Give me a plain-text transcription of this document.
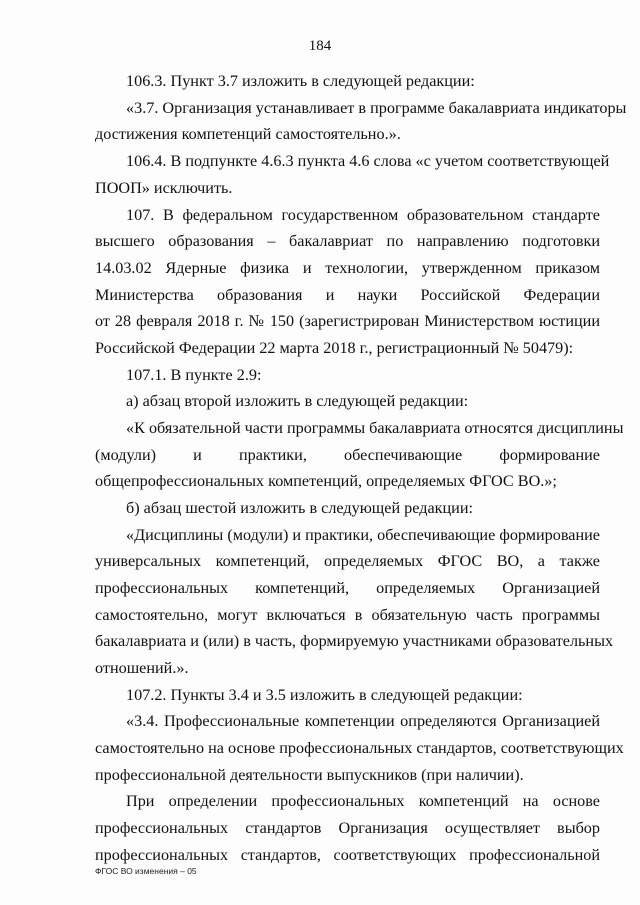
184
106.3. Пункт 3.7 изложить в следующей редакции:
«3.7. Организация устанавливает в программе бакалавриата индикаторы
достижения компетенций самостоятельно.».
106.4. В подпункте 4.6.3 пункта 4.6 слова «с учетом соответствующей
ПООП» исключить.
107. В федеральном государственном образовательном стандарте
высшего образования – бакалавриат по направлению подготовки
14.03.02 Ядерные физика и технологии, утвержденном приказом
Министерства образования и науки Российской Федерации
от 28 февраля 2018 г. № 150 (зарегистрирован Министерством юстиции
Российской Федерации 22 марта 2018 г., регистрационный № 50479):
107.1. В пункте 2.9:
а) абзац второй изложить в следующей редакции:
«К обязательной части программы бакалавриата относятся дисциплины
(модули) и практики, обеспечивающие формирование
общепрофессиональных компетенций, определяемых ФГОС ВО.»;
б) абзац шестой изложить в следующей редакции:
«Дисциплины (модули) и практики, обеспечивающие формирование
универсальных компетенций, определяемых ФГОС ВО, а также
профессиональных компетенций, определяемых Организацией
самостоятельно, могут включаться в обязательную часть программы
бакалавриата и (или) в часть, формируемую участниками образовательных
отношений.».
107.2. Пункты 3.4 и 3.5 изложить в следующей редакции:
«3.4. Профессиональные компетенции определяются Организацией
самостоятельно на основе профессиональных стандартов, соответствующих
профессиональной деятельности выпускников (при наличии).
При определении профессиональных компетенций на основе
профессиональных стандартов Организация осуществляет выбор
профессиональных стандартов, соответствующих профессиональной
ФГОС ВО изменения – 05
